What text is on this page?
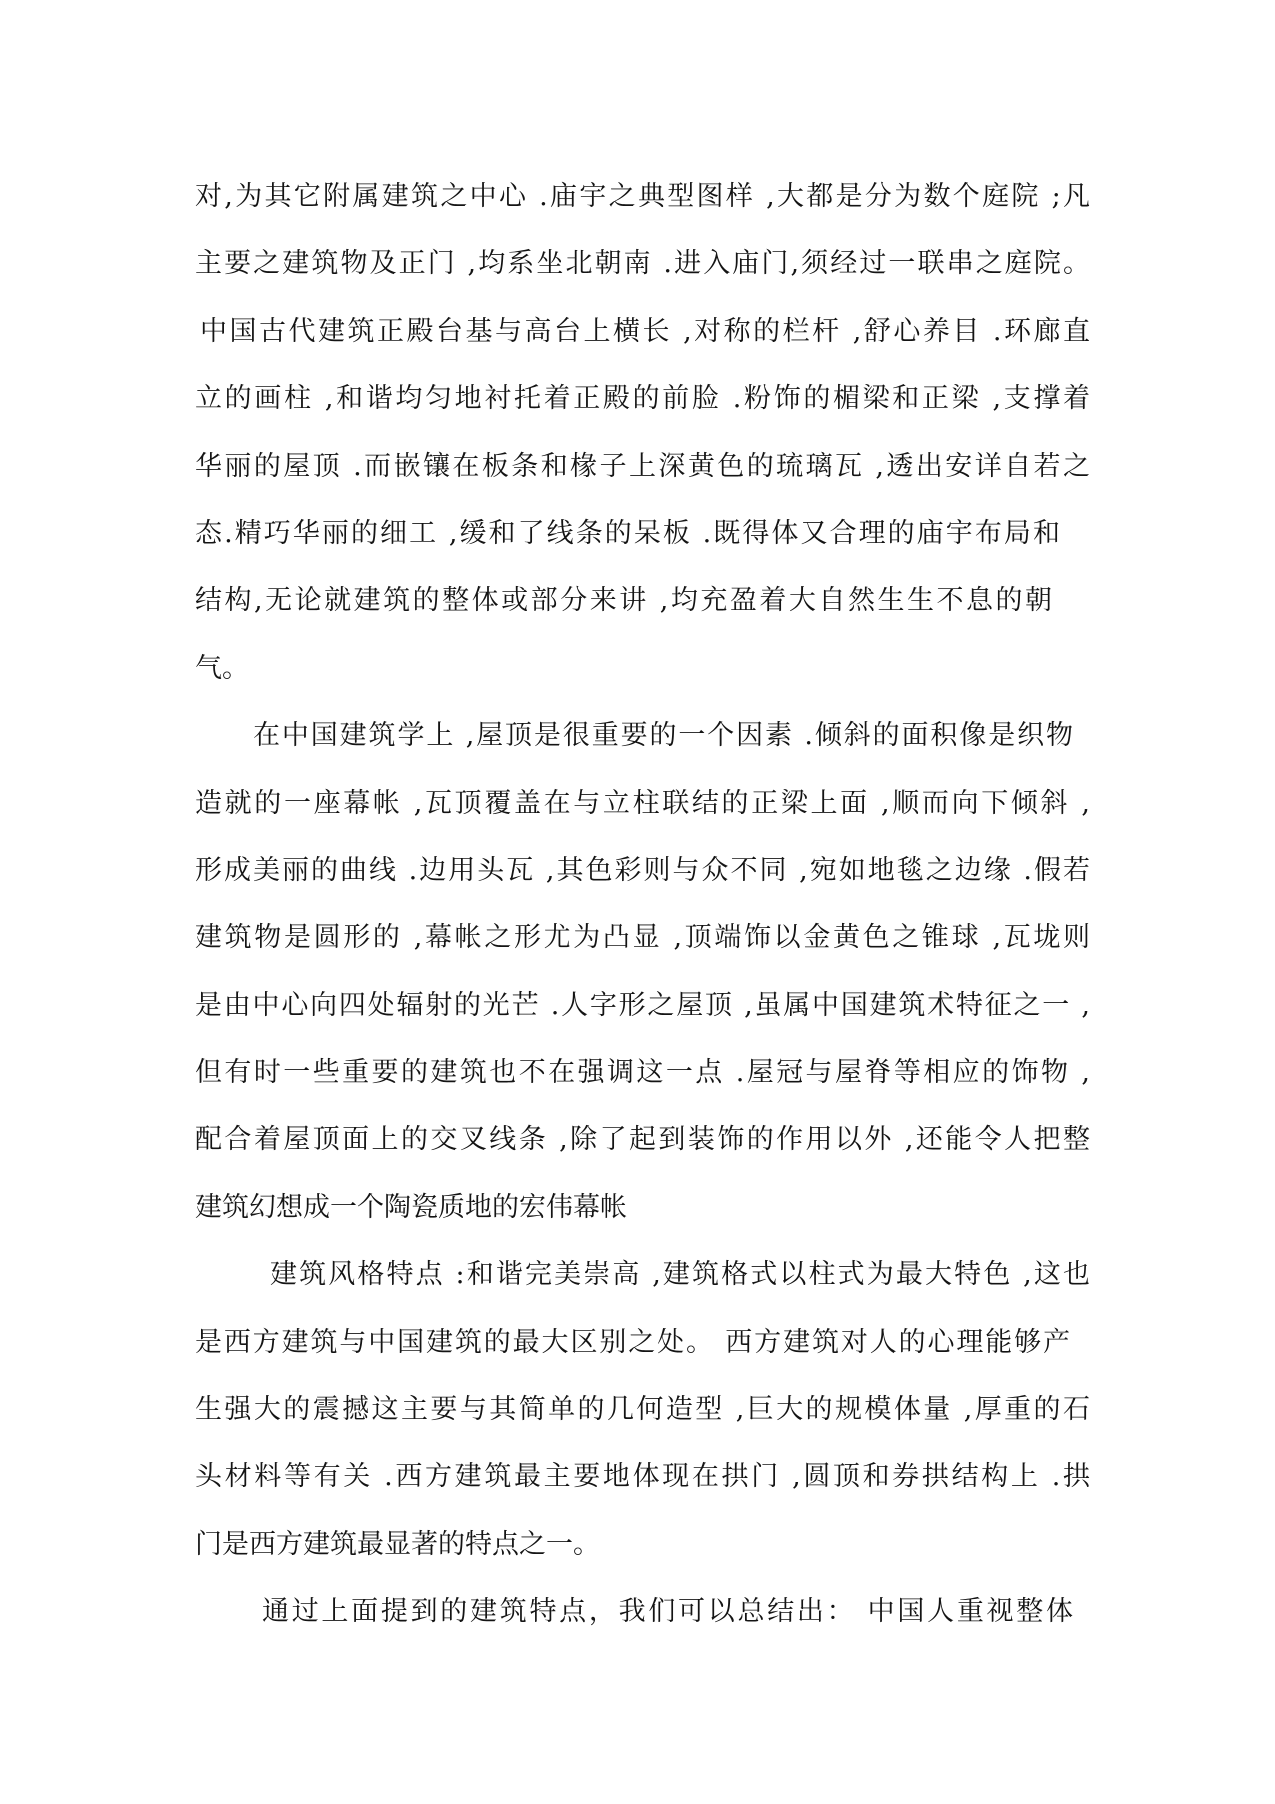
对,为其它附属建筑之中心 .庙宇之典型图样 ,大都是分为数个庭院 ;凡
主要之建筑物及正门 ,均系坐北朝南 .进入庙门,须经过一联串之庭院。
中国古代建筑正殿台基与高台上横长 ,对称的栏杆 ,舒心养目 .环廊直
立的画柱 ,和谐均匀地衬托着正殿的前脸 .粉饰的楣梁和正梁 ,支撑着
华丽的屋顶 .而嵌镶在板条和椽子上深黄色的琉璃瓦 ,透出安详自若之
态.精巧华丽的细工 ,缓和了线条的呆板 .既得体又合理的庙宇布局和
结构,无论就建筑的整体或部分来讲 ,均充盈着大自然生生不息的朝
气。
在中国建筑学上 ,屋顶是很重要的一个因素 .倾斜的面积像是织物
造就的一座幕帐 ,瓦顶覆盖在与立柱联结的正梁上面 ,顺而向下倾斜 ,
形成美丽的曲线 .边用头瓦 ,其色彩则与众不同 ,宛如地毯之边缘 .假若
建筑物是圆形的 ,幕帐之形尤为凸显 ,顶端饰以金黄色之锥球 ,瓦垅则
是由中心向四处辐射的光芒 .人字形之屋顶 ,虽属中国建筑术特征之一 ,
但有时一些重要的建筑也不在强调这一点 .屋冠与屋脊等相应的饰物 ,
配合着屋顶面上的交叉线条 ,除了起到装饰的作用以外 ,还能令人把整
建筑幻想成一个陶瓷质地的宏伟幕帐
建筑风格特点 :和谐完美崇高 ,建筑格式以柱式为最大特色 ,这也
是西方建筑与中国建筑的最大区别之处。 西方建筑对人的心理能够产
生强大的震撼这主要与其简单的几何造型 ,巨大的规模体量 ,厚重的石
头材料等有关 .西方建筑最主要地体现在拱门 ,圆顶和券拱结构上 .拱
门是西方建筑最显著的特点之一。
通过上面提到的建筑特点，我们可以总结出： 中国人重视整体
